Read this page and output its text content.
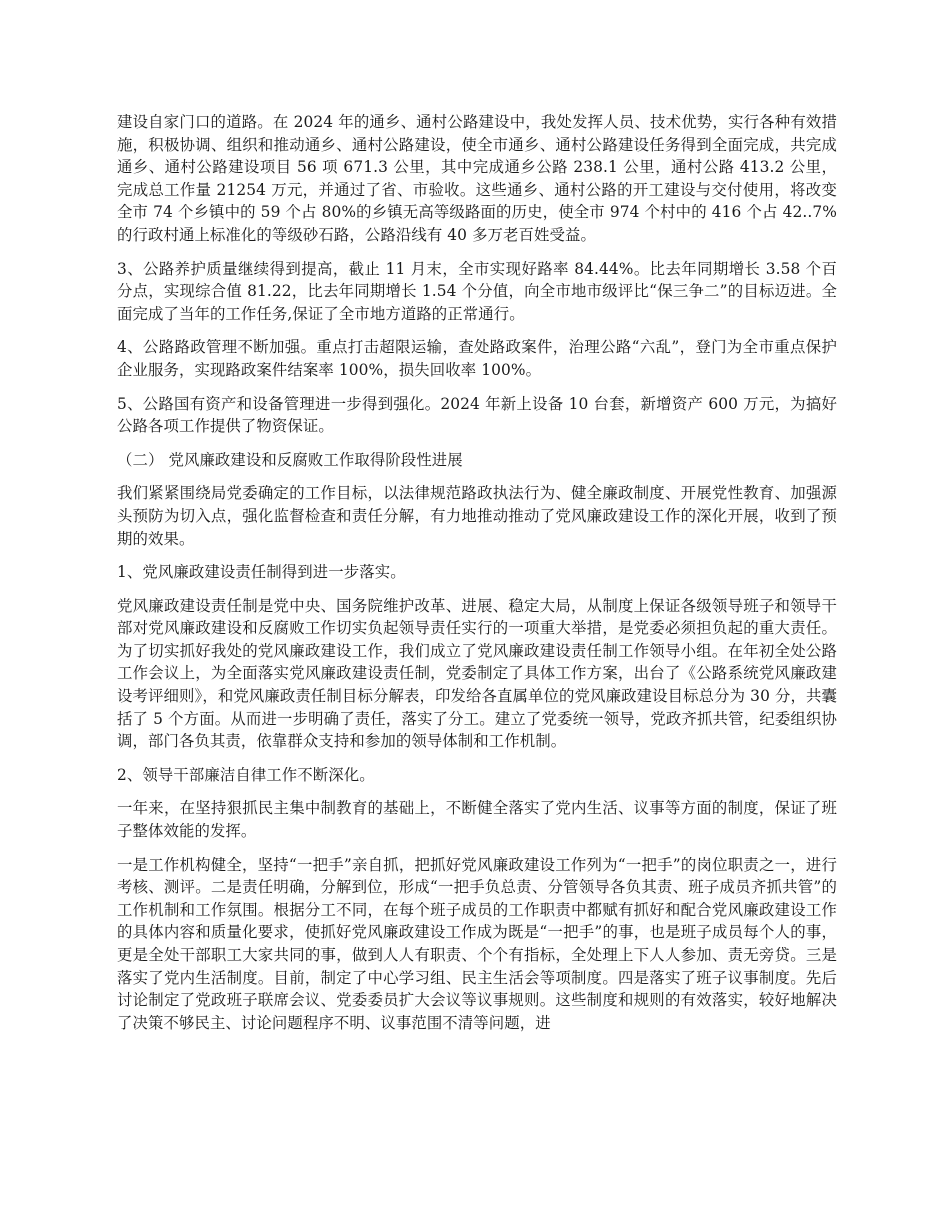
建设自家门口的道路。在 2024 年的通乡、通村公路建设中，我处发挥人员、技术优势，实行各种有效措施，积极协调、组织和推动通乡、通村公路建设，使全市通乡、通村公路建设任务得到全面完成，共完成通乡、通村公路建设项目 56 项 671.3 公里，其中完成通乡公路 238.1 公里，通村公路 413.2 公里，完成总工作量 21254 万元，并通过了省、市验收。这些通乡、通村公路的开工建设与交付使用，将改变全市 74 个乡镇中的 59 个占 80%的乡镇无高等级路面的历史，使全市 974 个村中的 416 个占 42..7%的行政村通上标准化的等级砂石路，公路沿线有 40 多万老百姓受益。

3、公路养护质量继续得到提高，截止 11 月末，全市实现好路率 84.44%。比去年同期增长 3.58 个百分点，实现综合值 81.22，比去年同期增长 1.54 个分值，向全市地市级评比“保三争二”的目标迈进。全面完成了当年的工作任务,保证了全市地方道路的正常通行。

4、公路路政管理不断加强。重点打击超限运输，查处路政案件，治理公路“六乱”，登门为全市重点保护企业服务，实现路政案件结案率 100%，损失回收率 100%。

5、公路国有资产和设备管理进一步得到强化。2024 年新上设备 10 台套，新增资产 600 万元，为搞好公路各项工作提供了物资保证。

（二） 党风廉政建设和反腐败工作取得阶段性进展

我们紧紧围绕局党委确定的工作目标，以法律规范路政执法行为、健全廉政制度、开展党性教育、加强源头预防为切入点，强化监督检查和责任分解，有力地推动推动了党风廉政建设工作的深化开展，收到了预期的效果。

1、党风廉政建设责任制得到进一步落实。

党风廉政建设责任制是党中央、国务院维护改革、进展、稳定大局，从制度上保证各级领导班子和领导干部对党风廉政建设和反腐败工作切实负起领导责任实行的一项重大举措，是党委必须担负起的重大责任。为了切实抓好我处的党风廉政建设工作，我们成立了党风廉政建设责任制工作领导小组。在年初全处公路工作会议上，为全面落实党风廉政建设责任制，党委制定了具体工作方案，出台了《公路系统党风廉政建设考评细则》，和党风廉政责任制目标分解表，印发给各直属单位的党风廉政建设目标总分为 30 分，共囊括了 5 个方面。从而进一步明确了责任，落实了分工。建立了党委统一领导，党政齐抓共管，纪委组织协调，部门各负其责，依靠群众支持和参加的领导体制和工作机制。

2、领导干部廉洁自律工作不断深化。

一年来，在坚持狠抓民主集中制教育的基础上，不断健全落实了党内生活、议事等方面的制度，保证了班子整体效能的发挥。

一是工作机构健全，坚持“一把手”亲自抓，把抓好党风廉政建设工作列为“一把手”的岗位职责之一，进行考核、测评。二是责任明确，分解到位，形成“一把手负总责、分管领导各负其责、班子成员齐抓共管”的工作机制和工作氛围。根据分工不同，在每个班子成员的工作职责中都赋有抓好和配合党风廉政建设工作的具体内容和质量化要求，使抓好党风廉政建设工作成为既是“一把手”的事，也是班子成员每个人的事，更是全处干部职工大家共同的事，做到人人有职责、个个有指标，全处理上下人人参加、责无旁贷。三是落实了党内生活制度。目前，制定了中心学习组、民主生活会等项制度。四是落实了班子议事制度。先后讨论制定了党政班子联席会议、党委委员扩大会议等议事规则。这些制度和规则的有效落实，较好地解决了决策不够民主、讨论问题程序不明、议事范围不清等问题，进
